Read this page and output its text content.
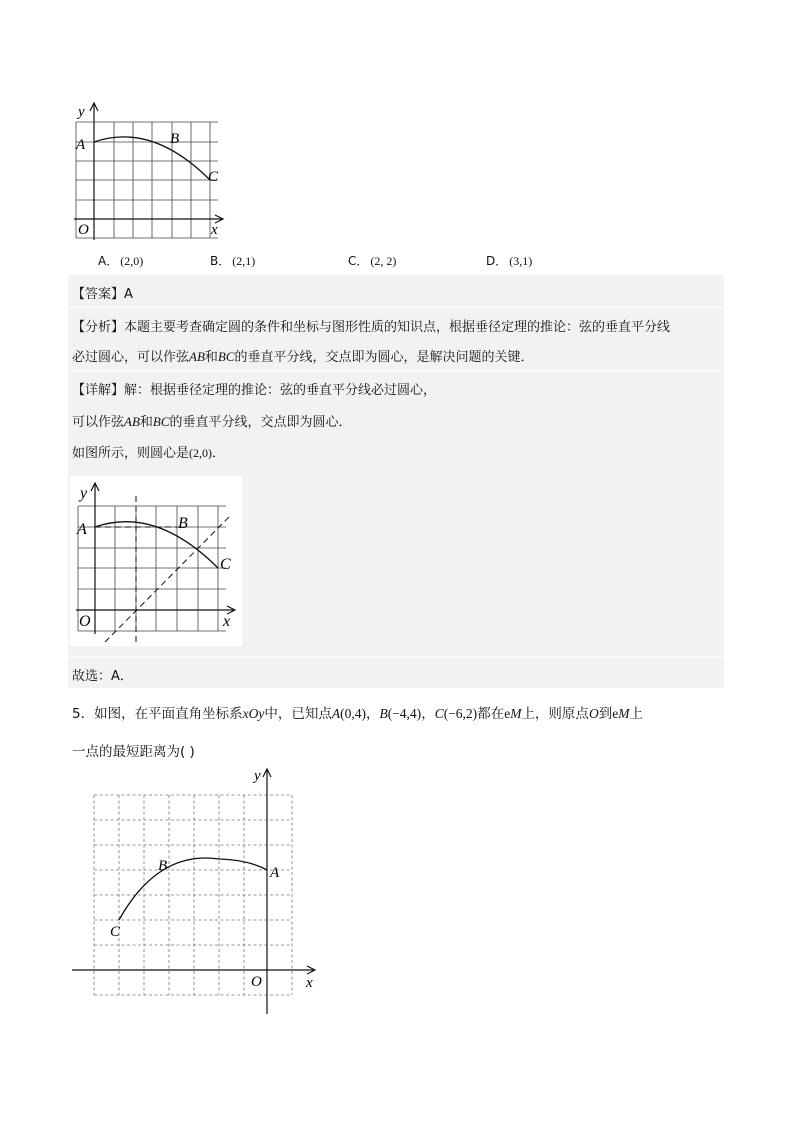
y
x
O
A	B
C
A． (2,0)	B． (2,1)	C． (2, 2)	D． (3,1)
【答案】A
【分析】本题主要考查确定圆的条件和坐标与图形性质的知识点，根据垂径定理的推论：弦的垂直平分线
必过圆心，可以作弦AB和BC的垂直平分线，交点即为圆心，是解决问题的关键．
【详解】解：根据垂径定理的推论：弦的垂直平分线必过圆心，
可以作弦AB和BC的垂直平分线，交点即为圆心．
如图所示，则圆心是(2,0)．
y
x
O
A	B
C
故选：A．
5．如图，在平面直角坐标系xOy中，已知点A(0,4)，B(−4,4)，C(−6,2)都在eM上，则原点O到eM上
一点的最短距离为( )
y
x
O
A
B
C
